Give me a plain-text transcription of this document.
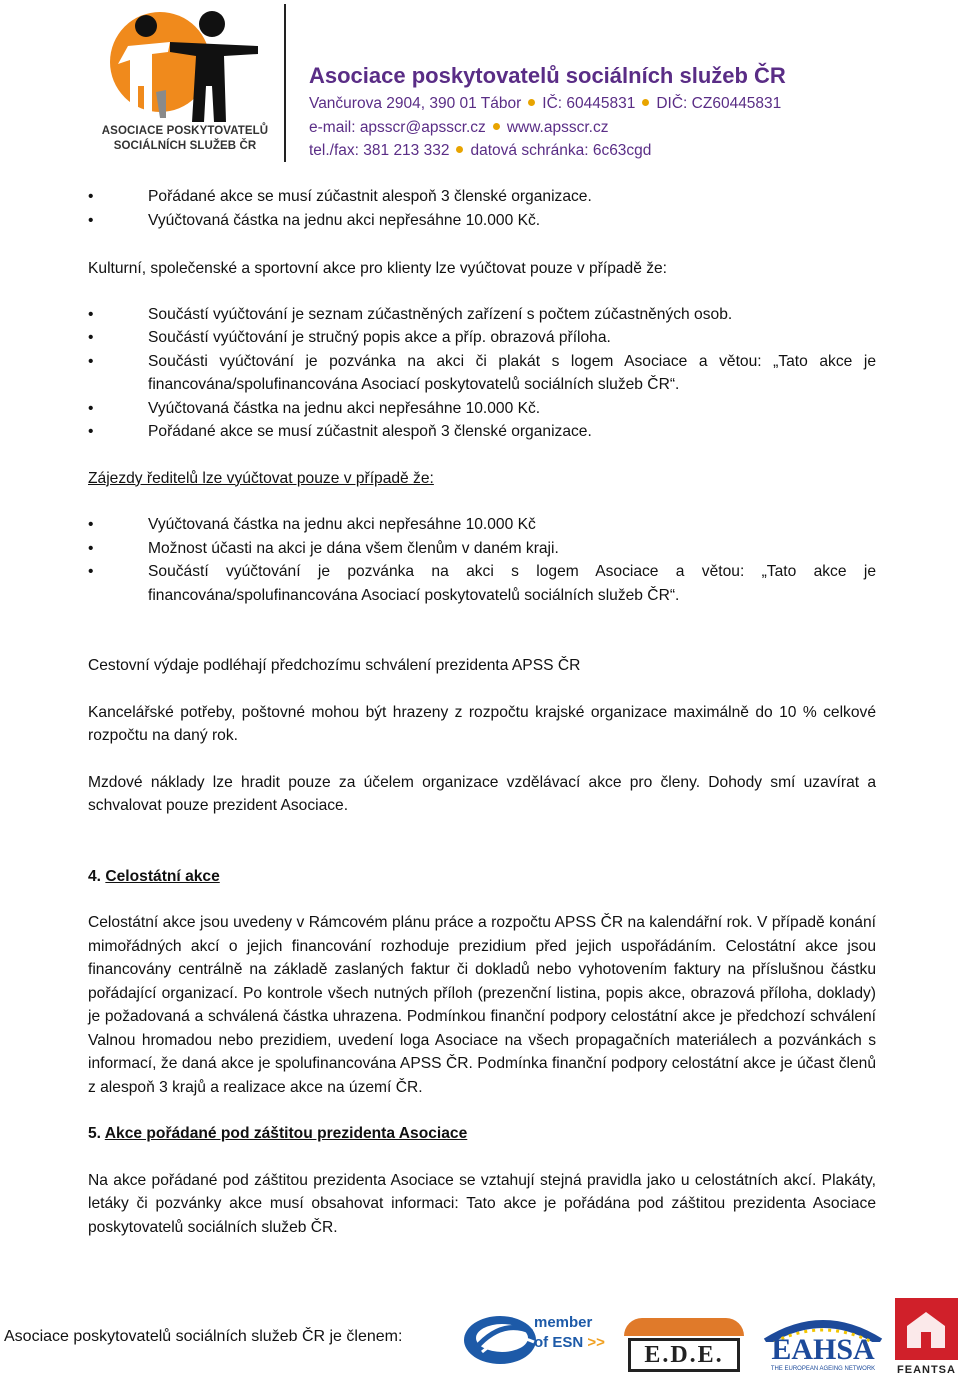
ASOCIACE POSKYTOVATELŮ
SOCIÁLNÍCH SLUŽEB ČR
Asociace poskytovatelů sociálních služeb ČR
Vančurova 2904, 390 01 Tábor IČ: 60445831 DIČ: CZ60445831
e-mail: apsscr@apsscr.cz www.apsscr.cz
tel./fax: 381 213 332 datová schránka: 6c63cgd
•	Pořádané akce se musí zúčastnit alespoň 3 členské organizace.
•	Vyúčtovaná částka na jednu akci nepřesáhne 10.000 Kč.

Kulturní, společenské a sportovní akce pro klienty lze vyúčtovat pouze v případě že:

•	Součástí vyúčtování je seznam zúčastněných zařízení s počtem zúčastněných osob.
•	Součástí vyúčtování je stručný popis akce a příp. obrazová příloha.
•	Součásti vyúčtování je pozvánka na akci či plakát s logem Asociace a větou: „Tato akce je financována/spolufinancována Asociací poskytovatelů sociálních služeb ČR“.
•	Vyúčtovaná částka na jednu akci nepřesáhne 10.000 Kč.
•	Pořádané akce se musí zúčastnit alespoň 3 členské organizace.

Zájezdy ředitelů lze vyúčtovat pouze v případě že:

•	Vyúčtovaná částka na jednu akci nepřesáhne 10.000 Kč
•	Možnost účasti na akci je dána všem členům v daném kraji.
•	Součástí vyúčtování je pozvánka na akci s logem Asociace a větou: „Tato akce je financována/spolufinancována Asociací poskytovatelů sociálních služeb ČR“.

Cestovní výdaje podléhají předchozímu schválení prezidenta APSS ČR

Kancelářské potřeby, poštovné mohou být hrazeny z rozpočtu krajské organizace maximálně do 10 % celkové rozpočtu na daný rok.

Mzdové náklady lze hradit pouze za účelem organizace vzdělávací akce pro členy. Dohody smí uzavírat a schvalovat pouze prezident Asociace.

4. Celostátní akce

Celostátní akce jsou uvedeny v Rámcovém plánu práce a rozpočtu APSS ČR na kalendářní rok. V případě konání mimořádných akcí o jejich financování rozhoduje prezidium před jejich uspořádáním. Celostátní akce jsou financovány centrálně na základě zaslaných faktur či dokladů nebo vyhotovením faktury na příslušnou částku pořádající organizací. Po kontrole všech nutných příloh (prezenční listina, popis akce, obrazová příloha, doklady) je požadovaná a schválená částka uhrazena. Podmínkou finanční podpory celostátní akce je předchozí schválení Valnou hromadou nebo prezidiem, uvedení loga Asociace na všech propagačních materiálech a pozvánkách s informací, že daná akce je spolufinancována APSS ČR. Podmínka finanční podpory celostátní akce je účast členů z alespoň 3 krajů a realizace akce na území ČR.

5. Akce pořádané pod záštitou prezidenta Asociace

Na akce pořádané pod záštitou prezidenta Asociace se vztahují stejná pravidla jako u celostátních akcí. Plakáty, letáky či pozvánky akce musí obsahovat informaci: Tato akce je pořádána pod záštitou prezidenta Asociace poskytovatelů sociálních služeb ČR.

Asociace poskytovatelů sociálních služeb ČR je členem:
member
of ESN >>	E.D.E.	EAHSA
THE EUROPEAN AGEING NETWORK	FEANTSA
